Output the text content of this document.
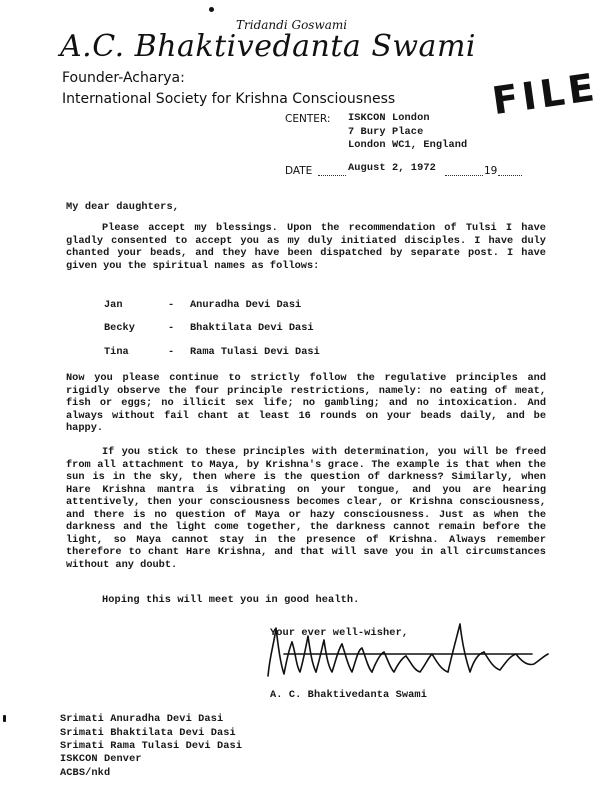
Tridandi Goswami
A.C. Bhaktivedanta Swami
Founder-Acharya:
International Society for Krishna Consciousness	FILE
CENTER: ISKCON London
7 Bury Place
London WC1, England
DATE	August 2, 1972	19
My dear daughters,

Please accept my blessings. Upon the recommendation of Tulsi I have gladly consented to accept you as my duly initiated disciples. I have duly chanted your beads, and they have been dispatched by separate post. I have given you the spiritual names as follows:

Jan	- Anuradha Devi Dasi
Becky	- Bhaktilata Devi Dasi
Tina	- Rama Tulasi Devi Dasi

Now you please continue to strictly follow the regulative principles and rigidly observe the four principle restrictions, namely: no eating of meat, fish or eggs; no illicit sex life; no gambling; and no intoxication. And always without fail chant at least 16 rounds on your beads daily, and be happy.

If you stick to these principles with determination, you will be freed from all attachment to Maya, by Krishna's grace. The example is that when the sun is in the sky, then where is the question of darkness? Similarly, when Hare Krishna mantra is vibrating on your tongue, and you are hearing attentively, then your consciousness becomes clear, or Krishna consciousness, and there is no question of Maya or hazy consciousness. Just as when the darkness and the light come together, the darkness cannot remain before the light, so Maya cannot stay in the presence of Krishna. Always remember therefore to chant Hare Krishna, and that will save you in all circumstances without any doubt.

Hoping this will meet you in good health.
Your ever well-wisher,
A. C. Bhaktivedanta Swami
Srimati Anuradha Devi Dasi
Srimati Bhaktilata Devi Dasi
Srimati Rama Tulasi Devi Dasi
ISKCON Denver
ACBS/nkd
